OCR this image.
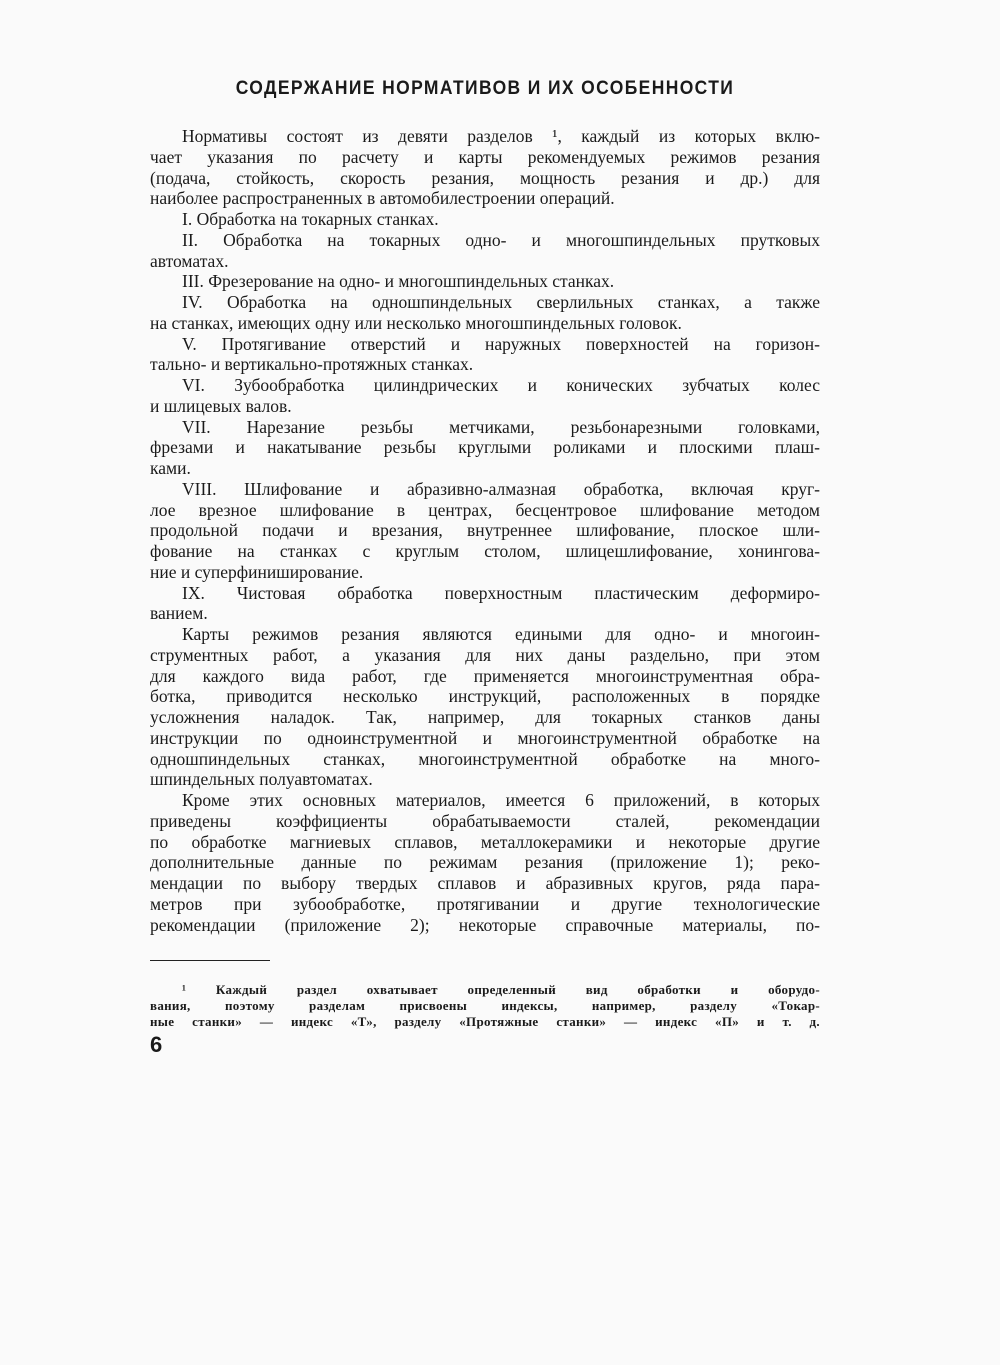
СОДЕРЖАНИЕ НОРМАТИВОВ И ИХ ОСОБЕННОСТИ
Нормативы состоят из девяти разделов ¹, каждый из которых вклю-
чает указания по расчету и карты рекомендуемых режимов резания
(подача, стойкость, скорость резания, мощность резания и др.) для
наиболее распространенных в автомобилестроении операций.
I. Обработка на токарных станках.
II. Обработка на токарных одно- и многошпиндельных прутковых
автоматах.
III. Фрезерование на одно- и многошпиндельных станках.
IV. Обработка на одношпиндельных сверлильных станках, а также
на станках, имеющих одну или несколько многошпиндельных головок.
V. Протягивание отверстий и наружных поверхностей на горизон-
тально- и вертикально-протяжных станках.
VI. Зубообработка цилиндрических и конических зубчатых колес
и шлицевых валов.
VII. Нарезание резьбы метчиками, резьбонарезными головками,
фрезами и накатывание резьбы круглыми роликами и плоскими плаш-
ками.
VIII. Шлифование и абразивно-алмазная обработка, включая круг-
лое врезное шлифование в центрах, бесцентровое шлифование методом
продольной подачи и врезания, внутреннее шлифование, плоское шли-
фование на станках с круглым столом, шлицешлифование, хонингова-
ние и суперфиниширование.
IX. Чистовая обработка поверхностным пластическим деформиро-
ванием.
Карты режимов резания являются едиными для одно- и многоин-
струментных работ, а указания для них даны раздельно, при этом
для каждого вида работ, где применяется многоинструментная обра-
ботка, приводится несколько инструкций, расположенных в порядке
усложнения наладок. Так, например, для токарных станков даны
инструкции по одноинструментной и многоинструментной обработке на
одношпиндельных станках, многоинструментной обработке на много-
шпиндельных полуавтоматах.
Кроме этих основных материалов, имеется 6 приложений, в которых
приведены коэффициенты обрабатываемости сталей, рекомендации
по обработке магниевых сплавов, металлокерамики и некоторые другие
дополнительные данные по режимам резания (приложение 1); реко-
мендации по выбору твердых сплавов и абразивных кругов, ряда пара-
метров при зубообработке, протягивании и другие технологические
рекомендации (приложение 2); некоторые справочные материалы, по-
¹ Каждый раздел охватывает определенный вид обработки и оборудо-
вания, поэтому разделам присвоены индексы, например, разделу «Токар-
ные станки» — индекс «Т», разделу «Протяжные станки» — индекс «П» и т. д.
6
